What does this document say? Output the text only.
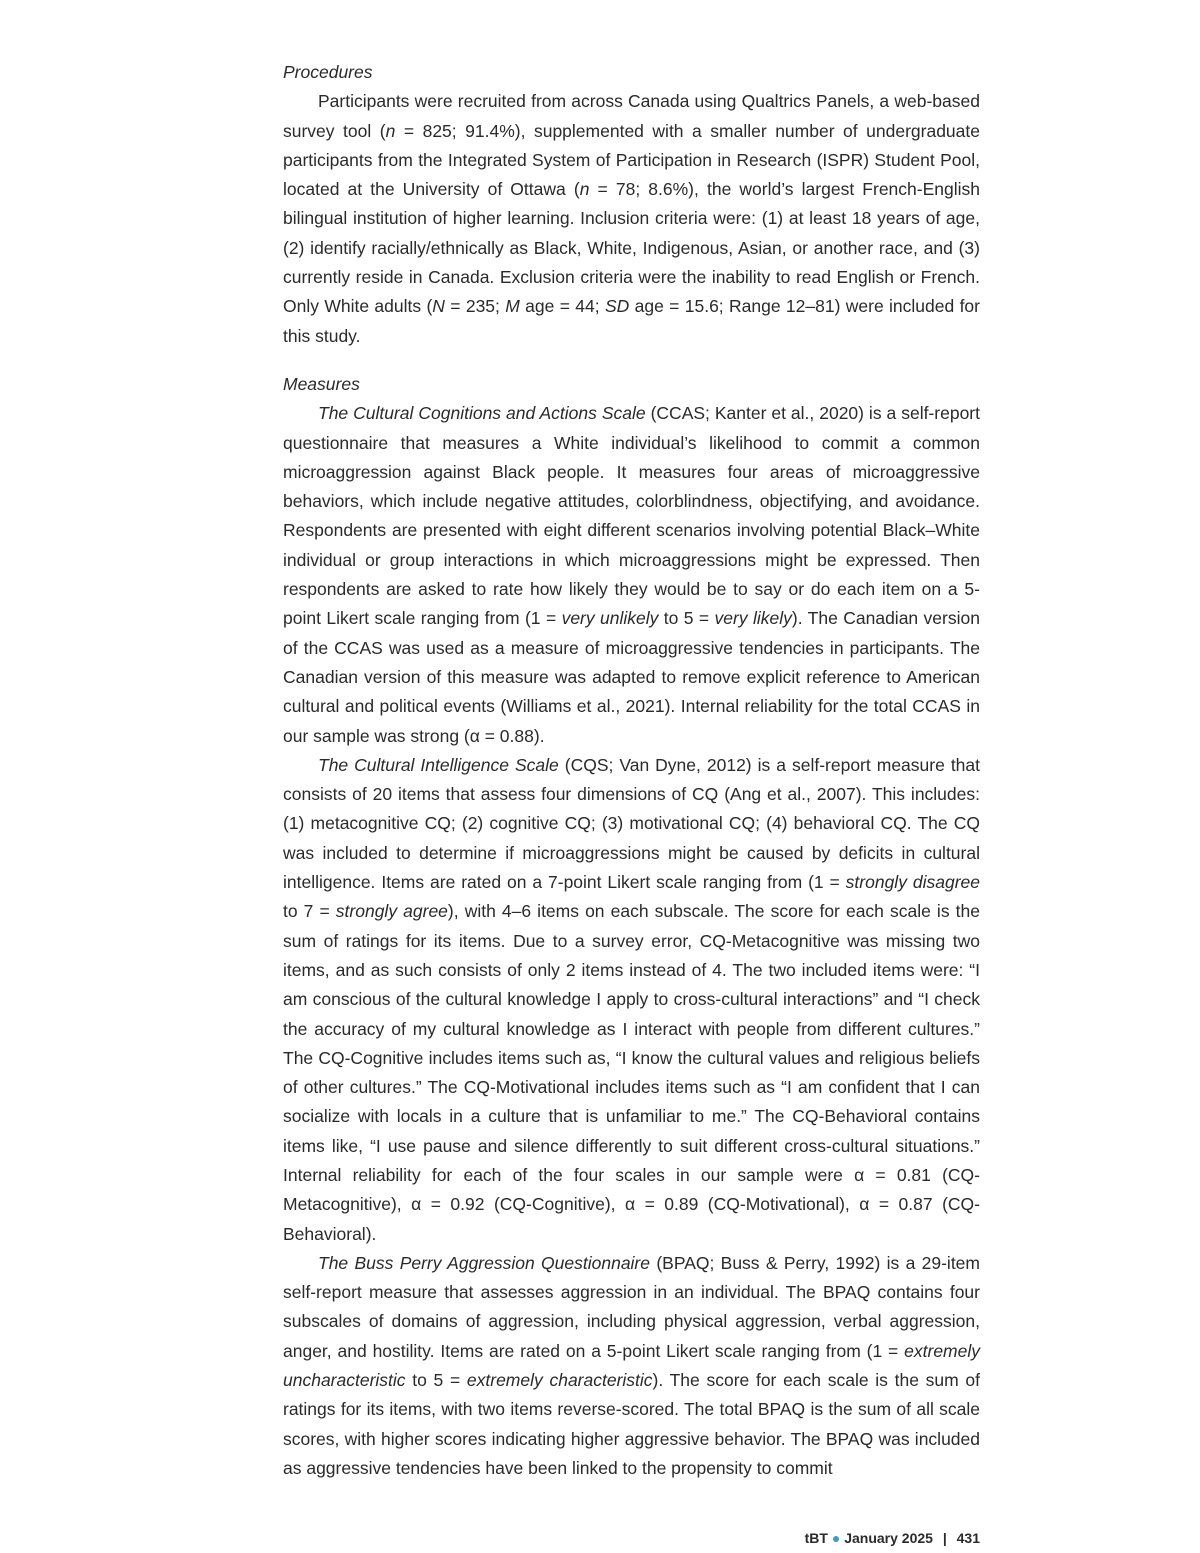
Procedures

Participants were recruited from across Canada using Qualtrics Panels, a web-based survey tool (n = 825; 91.4%), supplemented with a smaller number of undergraduate participants from the Integrated System of Participation in Research (ISPR) Student Pool, located at the University of Ottawa (n = 78; 8.6%), the world’s largest French-English bilingual institution of higher learning. Inclusion criteria were: (1) at least 18 years of age, (2) identify racially/ethnically as Black, White, Indigenous, Asian, or another race, and (3) currently reside in Canada. Exclusion criteria were the inability to read English or French. Only White adults (N = 235; M age = 44; SD age = 15.6; Range 12–81) were included for this study.

Measures

The Cultural Cognitions and Actions Scale (CCAS; Kanter et al., 2020) is a self-report questionnaire that measures a White individual’s likelihood to commit a common microaggression against Black people. It measures four areas of microaggressive behaviors, which include negative attitudes, colorblindness, objectifying, and avoidance. Respondents are presented with eight different scenarios involving potential Black–White individual or group interactions in which microaggressions might be expressed. Then respondents are asked to rate how likely they would be to say or do each item on a 5-point Likert scale ranging from (1 = very unlikely to 5 = very likely). The Canadian version of the CCAS was used as a measure of microaggressive tendencies in participants. The Canadian version of this measure was adapted to remove explicit reference to American cultural and political events (Williams et al., 2021). Internal reliability for the total CCAS in our sample was strong (α = 0.88).

The Cultural Intelligence Scale (CQS; Van Dyne, 2012) is a self-report measure that consists of 20 items that assess four dimensions of CQ (Ang et al., 2007). This includes: (1) metacognitive CQ; (2) cognitive CQ; (3) motivational CQ; (4) behavioral CQ. The CQ was included to determine if microaggressions might be caused by deficits in cultural intelligence. Items are rated on a 7-point Likert scale ranging from (1 = strongly disagree to 7 = strongly agree), with 4–6 items on each subscale. The score for each scale is the sum of ratings for its items. Due to a survey error, CQ-Metacognitive was missing two items, and as such consists of only 2 items instead of 4. The two included items were: “I am conscious of the cultural knowledge I apply to cross-cultural interactions” and “I check the accuracy of my cultural knowledge as I interact with people from different cultures.” The CQ-Cognitive includes items such as, “I know the cultural values and religious beliefs of other cultures.” The CQ-Motivational includes items such as “I am confident that I can socialize with locals in a culture that is unfamiliar to me.” The CQ-Behavioral contains items like, “I use pause and silence differently to suit different cross-cultural situations.” Internal reliability for each of the four scales in our sample were α = 0.81 (CQ-Metacognitive), α = 0.92 (CQ-Cognitive), α = 0.89 (CQ-Motivational), α = 0.87 (CQ-Behavioral).

The Buss Perry Aggression Questionnaire (BPAQ; Buss & Perry, 1992) is a 29-item self-report measure that assesses aggression in an individual. The BPAQ contains four subscales of domains of aggression, including physical aggression, verbal aggression, anger, and hostility. Items are rated on a 5-point Likert scale ranging from (1 = extremely uncharacteristic to 5 = extremely characteristic). The score for each scale is the sum of ratings for its items, with two items reverse-scored. The total BPAQ is the sum of all scale scores, with higher scores indicating higher aggressive behavior. The BPAQ was included as aggressive tendencies have been linked to the propensity to commit

tBT ● January 2025 | 431
